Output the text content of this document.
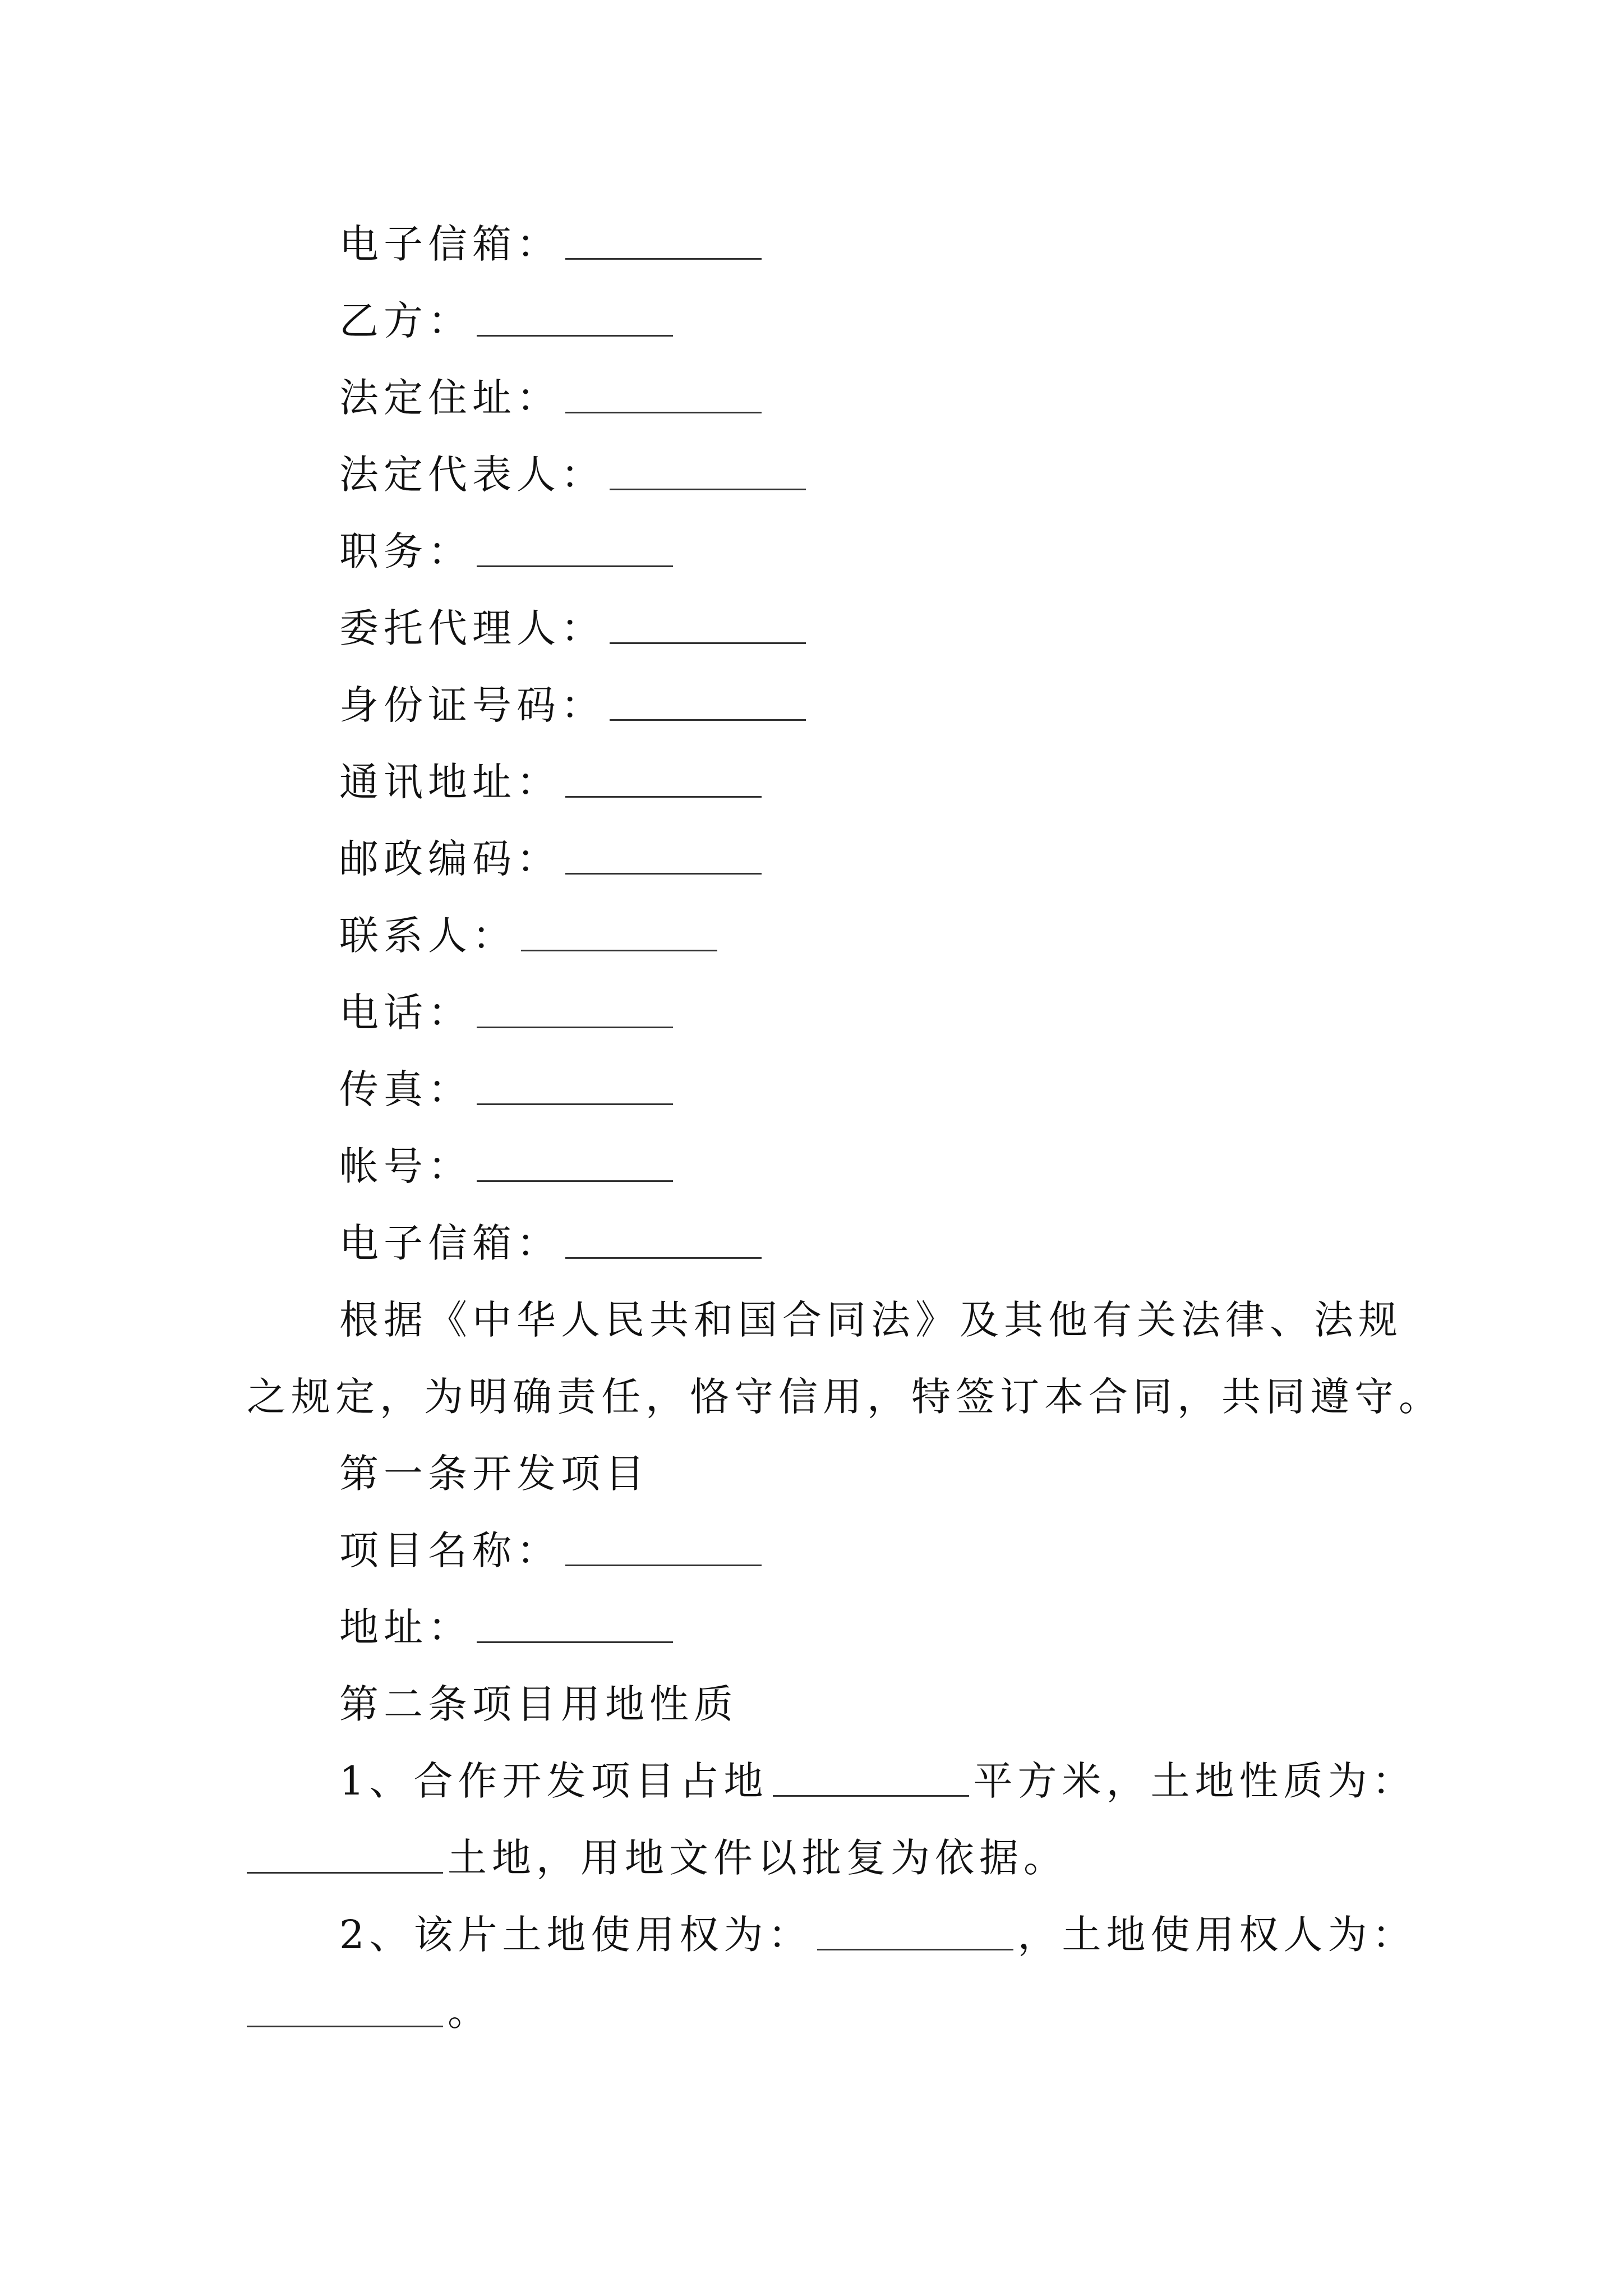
电子信箱：
乙方：
法定住址：
法定代表人：
职务：
委托代理人：
身份证号码：
通讯地址：
邮政编码：
联系人：
电话：
传真：
帐号：
电子信箱：
根据《中华人民共和国合同法》及其他有关法律、法规
之规定，为明确责任，恪守信用，特签订本合同，共同遵守。
第一条开发项目
项目名称：
地址：
第二条项目用地性质
1、合作开发项目占地	平方米，土地性质为：
土地，用地文件以批复为依据。
2、该片土地使用权为：	，土地使用权人为：
。
